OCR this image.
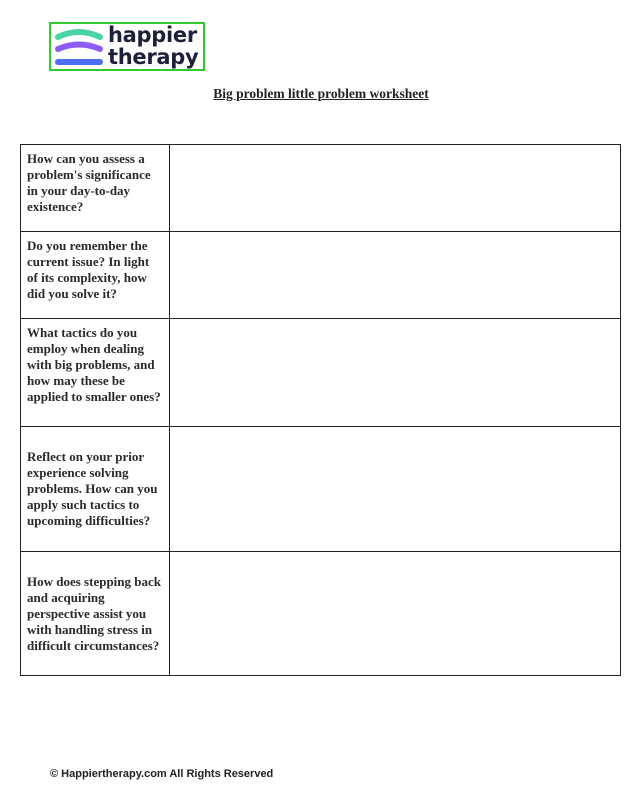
happier
therapy
Big problem little problem worksheet
How can you assess a problem's significance in your day-to-day existence?	
Do you remember the current issue? In light of its complexity, how did you solve it?	
What tactics do you employ when dealing with big problems, and how may these be applied to smaller ones?	
Reflect on your prior experience solving problems. How can you apply such tactics to upcoming difficulties?	
How does stepping back and acquiring perspective assist you with handling stress in difficult circumstances?	
© Happiertherapy.com All Rights Reserved
